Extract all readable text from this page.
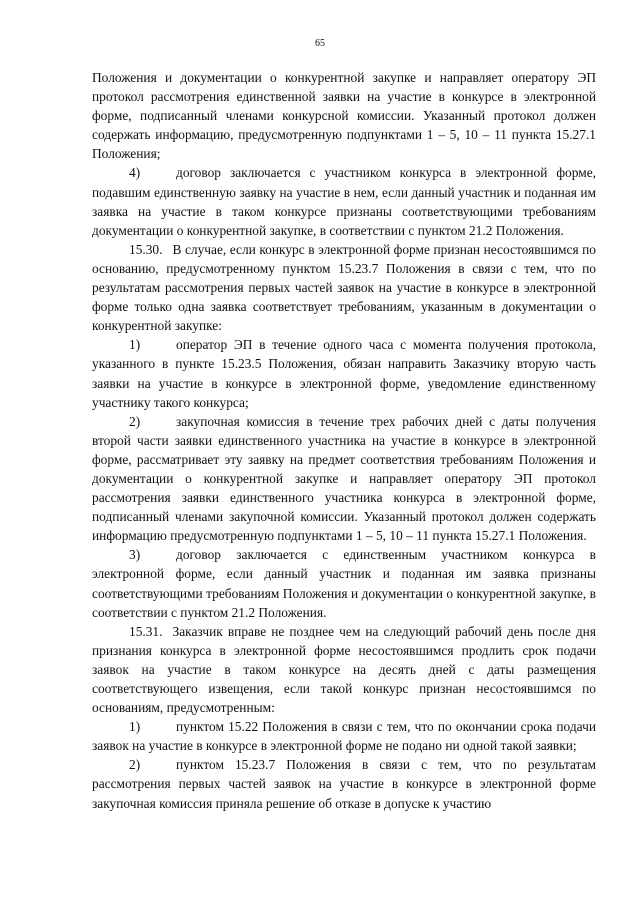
65

Положения и документации о конкурентной закупке и направляет оператору ЭП протокол рассмотрения единственной заявки на участие в конкурсе в электронной форме, подписанный членами конкурсной комиссии. Указанный протокол должен содержать информацию, предусмотренную подпунктами 1 – 5, 10 – 11 пункта 15.27.1 Положения;

4)	договор заключается с участником конкурса в электронной форме, подавшим единственную заявку на участие в нем, если данный участник и поданная им заявка на участие в таком конкурсе признаны соответствующими требованиям документации о конкурентной закупке, в соответствии с пунктом 21.2 Положения.

15.30. В случае, если конкурс в электронной форме признан несостоявшимся по основанию, предусмотренному пунктом 15.23.7 Положения в связи с тем, что по результатам рассмотрения первых частей заявок на участие в конкурсе в электронной форме только одна заявка соответствует требованиям, указанным в документации о конкурентной закупке:

1)	оператор ЭП в течение одного часа с момента получения протокола, указанного в пункте 15.23.5 Положения, обязан направить Заказчику вторую часть заявки на участие в конкурсе в электронной форме, уведомление единственному участнику такого конкурса;

2)	закупочная комиссия в течение трех рабочих дней с даты получения второй части заявки единственного участника на участие в конкурсе в электронной форме, рассматривает эту заявку на предмет соответствия требованиям Положения и документации о конкурентной закупке и направляет оператору ЭП протокол рассмотрения заявки единственного участника конкурса в электронной форме, подписанный членами закупочной комиссии. Указанный протокол должен содержать информацию предусмотренную подпунктами 1 – 5, 10 – 11 пункта 15.27.1 Положения.

3)	договор заключается с единственным участником конкурса в электронной форме, если данный участник и поданная им заявка признаны соответствующими требованиям Положения и документации о конкурентной закупке, в соответствии с пунктом 21.2 Положения.

15.31. Заказчик вправе не позднее чем на следующий рабочий день после дня признания конкурса в электронной форме несостоявшимся продлить срок подачи заявок на участие в таком конкурсе на десять дней с даты размещения соответствующего извещения, если такой конкурс признан несостоявшимся по основаниям, предусмотренным:

1)	пунктом 15.22 Положения в связи с тем, что по окончании срока подачи заявок на участие в конкурсе в электронной форме не подано ни одной такой заявки;

2)	пунктом 15.23.7 Положения в связи с тем, что по результатам рассмотрения первых частей заявок на участие в конкурсе в электронной форме закупочная комиссия приняла решение об отказе в допуске к участию
